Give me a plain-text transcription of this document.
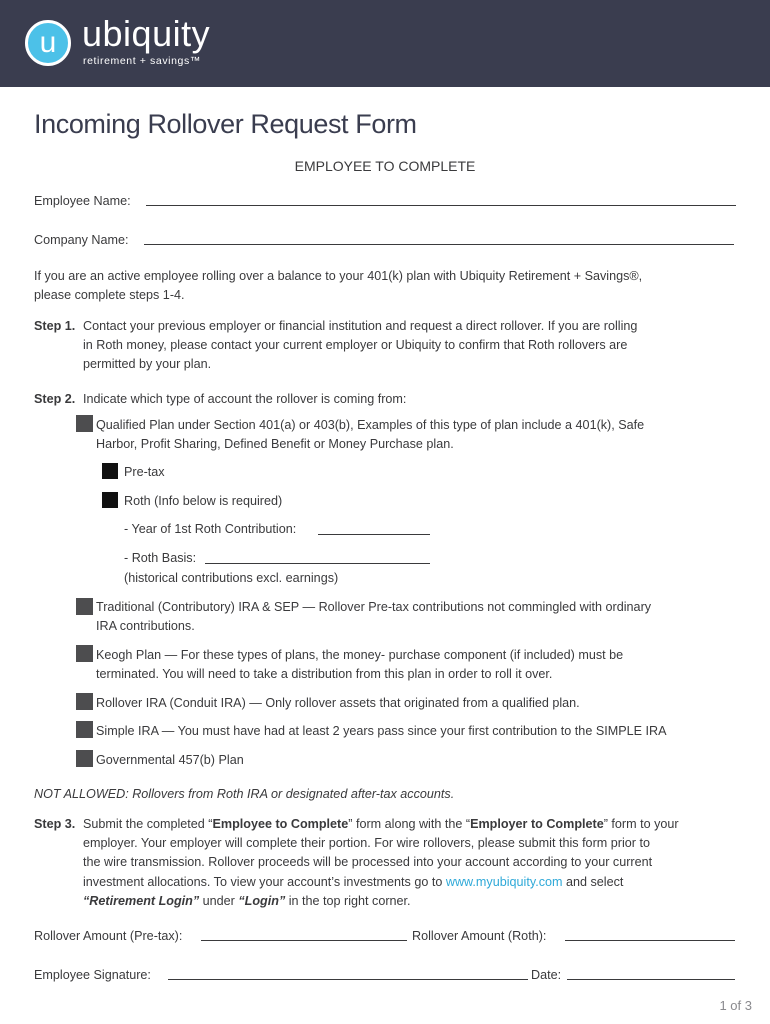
u ubiquity
retirement + savings™
Incoming Rollover Request Form
EMPLOYEE TO COMPLETE
Employee Name:
Company Name:
If you are an active employee rolling over a balance to your 401(k) plan with Ubiquity Retirement + Savings®,
please complete steps 1-4.
Step 1. Contact your previous employer or financial institution and request a direct rollover. If you are rolling
in Roth money, please contact your current employer or Ubiquity to confirm that Roth rollovers are
permitted by your plan.
Step 2. Indicate which type of account the rollover is coming from:
Qualified Plan under Section 401(a) or 403(b), Examples of this type of plan include a 401(k), Safe
Harbor, Profit Sharing, Defined Benefit or Money Purchase plan.
Pre-tax
Roth (Info below is required)
- Year of 1st Roth Contribution:
- Roth Basis:
(historical contributions excl. earnings)
Traditional (Contributory) IRA & SEP — Rollover Pre-tax contributions not commingled with ordinary
IRA contributions.
Keogh Plan — For these types of plans, the money- purchase component (if included) must be
terminated. You will need to take a distribution from this plan in order to roll it over.
Rollover IRA (Conduit IRA) — Only rollover assets that originated from a qualified plan.
Simple IRA — You must have had at least 2 years pass since your first contribution to the SIMPLE IRA
Governmental 457(b) Plan
NOT ALLOWED: Rollovers from Roth IRA or designated after-tax accounts.
Step 3. Submit the completed “Employee to Complete” form along with the “Employer to Complete” form to your
employer. Your employer will complete their portion. For wire rollovers, please submit this form prior to
the wire transmission. Rollover proceeds will be processed into your account according to your current
investment allocations. To view your account’s investments go to www.myubiquity.com and select
“Retirement Login” under “Login” in the top right corner.
Rollover Amount (Pre-tax):	Rollover Amount (Roth):
Employee Signature:	Date:
1 of 3
